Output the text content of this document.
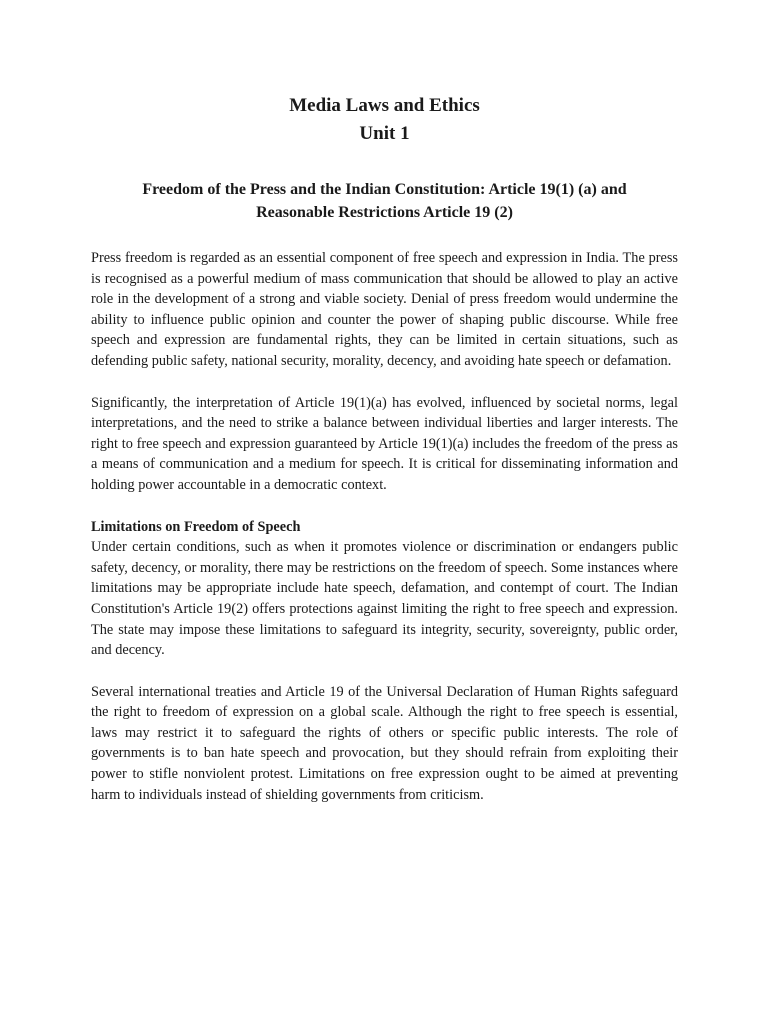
Media Laws and Ethics
Unit 1
Freedom of the Press and the Indian Constitution: Article 19(1) (a) and
Reasonable Restrictions Article 19 (2)

Press freedom is regarded as an essential component of free speech and expression in India. The press is recognised as a powerful medium of mass communication that should be allowed to play an active role in the development of a strong and viable society. Denial of press freedom would undermine the ability to influence public opinion and counter the power of shaping public discourse. While free speech and expression are fundamental rights, they can be limited in certain situations, such as defending public safety, national security, morality, decency, and avoiding hate speech or defamation.

Significantly, the interpretation of Article 19(1)(a) has evolved, influenced by societal norms, legal interpretations, and the need to strike a balance between individual liberties and larger interests. The right to free speech and expression guaranteed by Article 19(1)(a) includes the freedom of the press as a means of communication and a medium for speech. It is critical for disseminating information and holding power accountable in a democratic context.

Limitations on Freedom of Speech

Under certain conditions, such as when it promotes violence or discrimination or endangers public safety, decency, or morality, there may be restrictions on the freedom of speech. Some instances where limitations may be appropriate include hate speech, defamation, and contempt of court. The Indian Constitution's Article 19(2) offers protections against limiting the right to free speech and expression. The state may impose these limitations to safeguard its integrity, security, sovereignty, public order, and decency.

Several international treaties and Article 19 of the Universal Declaration of Human Rights safeguard the right to freedom of expression on a global scale. Although the right to free speech is essential, laws may restrict it to safeguard the rights of others or specific public interests. The role of governments is to ban hate speech and provocation, but they should refrain from exploiting their power to stifle nonviolent protest. Limitations on free expression ought to be aimed at preventing harm to individuals instead of shielding governments from criticism.
